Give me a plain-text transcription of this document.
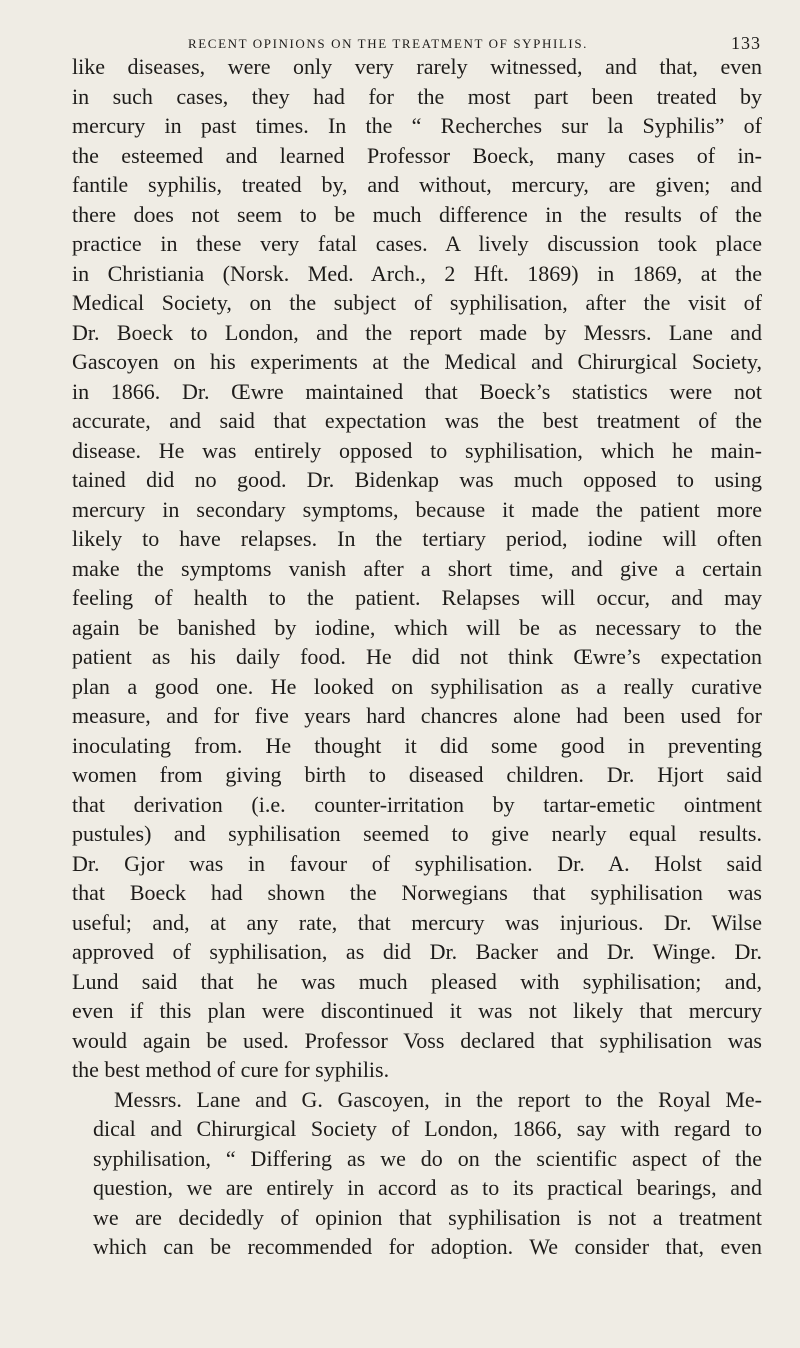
RECENT OPINIONS ON THE TREATMENT OF SYPHILIS.	133

like diseases, were only very rarely witnessed, and that, even
in such cases, they had for the most part been treated by
mercury in past times. In the “ Recherches sur la Syphilis” of
the esteemed and learned Professor Boeck, many cases of in-
fantile syphilis, treated by, and without, mercury, are given; and
there does not seem to be much difference in the results of the
practice in these very fatal cases. A lively discussion took place
in Christiania (Norsk. Med. Arch., 2 Hft. 1869) in 1869, at the
Medical Society, on the subject of syphilisation, after the visit of
Dr. Boeck to London, and the report made by Messrs. Lane and
Gascoyen on his experiments at the Medical and Chirurgical Society,
in 1866. Dr. Œwre maintained that Boeck’s statistics were not
accurate, and said that expectation was the best treatment of the
disease. He was entirely opposed to syphilisation, which he main-
tained did no good. Dr. Bidenkap was much opposed to using
mercury in secondary symptoms, because it made the patient more
likely to have relapses. In the tertiary period, iodine will often
make the symptoms vanish after a short time, and give a certain
feeling of health to the patient. Relapses will occur, and may
again be banished by iodine, which will be as necessary to the
patient as his daily food. He did not think Œwre’s expectation
plan a good one. He looked on syphilisation as a really curative
measure, and for five years hard chancres alone had been used for
inoculating from. He thought it did some good in preventing
women from giving birth to diseased children. Dr. Hjort said
that derivation (i.e. counter-irritation by tartar-emetic ointment
pustules) and syphilisation seemed to give nearly equal results.
Dr. Gjor was in favour of syphilisation. Dr. A. Holst said
that Boeck had shown the Norwegians that syphilisation was
useful; and, at any rate, that mercury was injurious. Dr. Wilse
approved of syphilisation, as did Dr. Backer and Dr. Winge. Dr.
Lund said that he was much pleased with syphilisation; and,
even if this plan were discontinued it was not likely that mercury
would again be used. Professor Voss declared that syphilisation was
the best method of cure for syphilis.

Messrs. Lane and G. Gascoyen, in the report to the Royal Me-
dical and Chirurgical Society of London, 1866, say with regard to
syphilisation, “ Differing as we do on the scientific aspect of the
question, we are entirely in accord as to its practical bearings, and
we are decidedly of opinion that syphilisation is not a treatment
which can be recommended for adoption. We consider that, even
